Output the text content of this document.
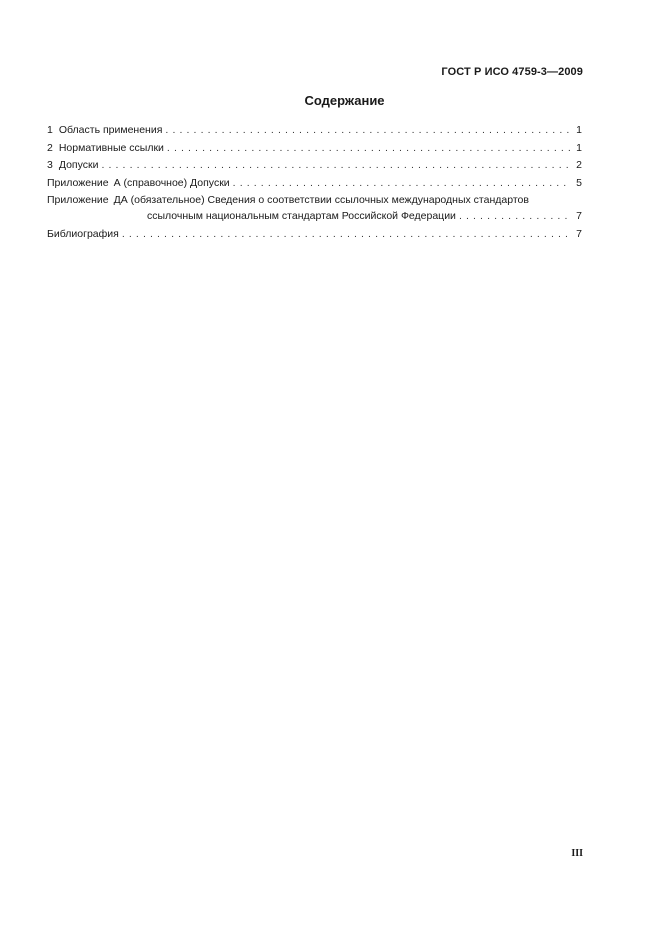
ГОСТ Р ИСО 4759-3—2009
Содержание
1 Область применения . . .	1
2 Нормативные ссылки . . .	1
3 Допуски . . .	2
Приложение А (справочное) Допуски . . .	5
Приложение ДА (обязательное) Сведения о соответствии ссылочных международных стандартов
ссылочным национальным стандартам Российской Федерации . . .	7
Библиография . . .	7
III
